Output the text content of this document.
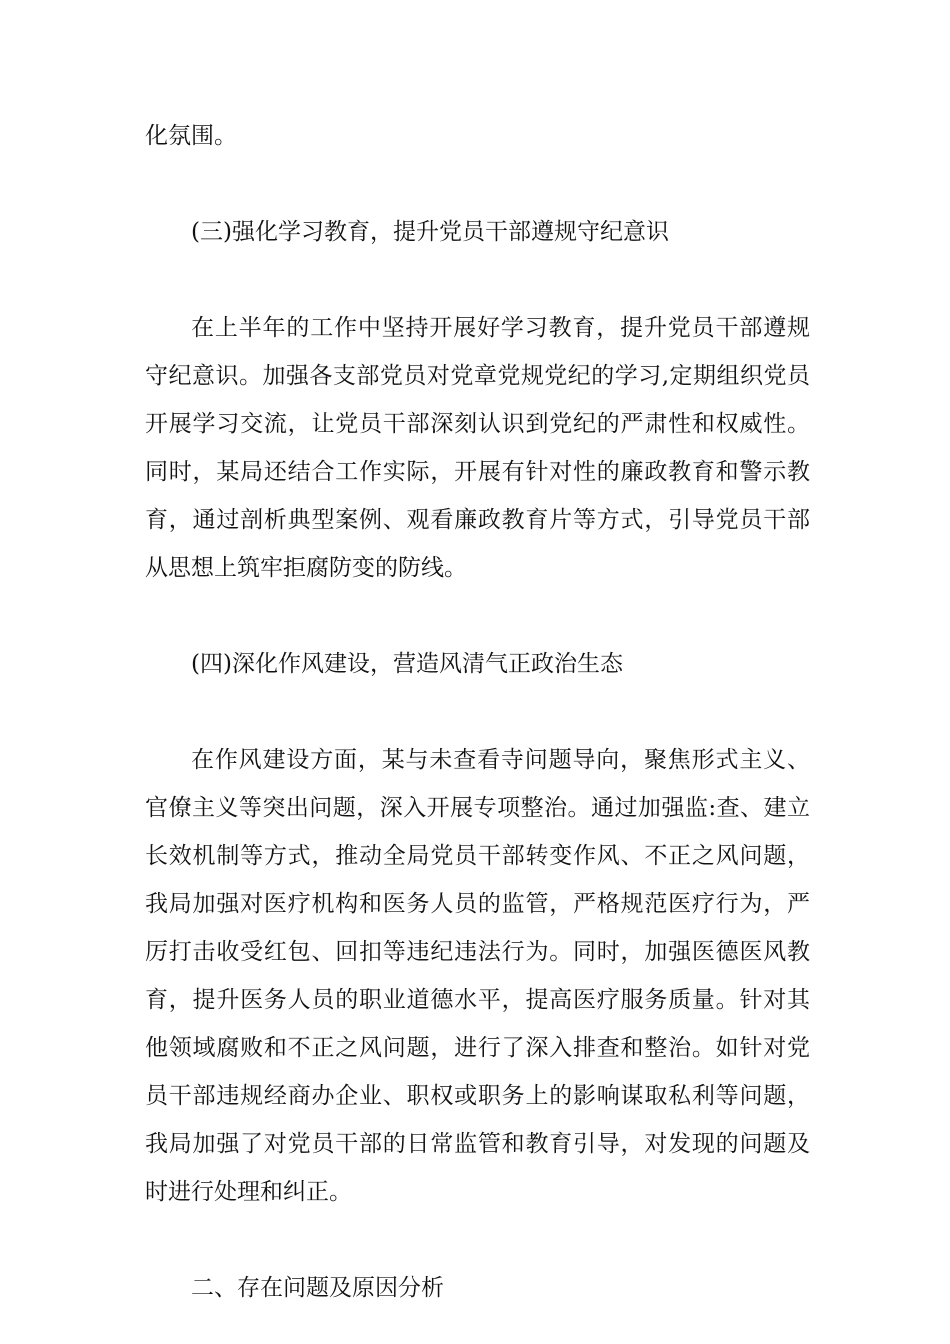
化氛围。

(三)强化学习教育，提升党员干部遵规守纪意识

在上半年的工作中坚持开展好学习教育，提升党员干部遵规守纪意识。加强各支部党员对党章党规党纪的学习,定期组织党员开展学习交流，让党员干部深刻认识到党纪的严肃性和权威性。同时，某局还结合工作实际，开展有针对性的廉政教育和警示教育，通过剖析典型案例、观看廉政教育片等方式，引导党员干部从思想上筑牢拒腐防变的防线。

(四)深化作风建设，营造风清气正政治生态

在作风建设方面，某与未查看寺问题导向，聚焦形式主义、官僚主义等突出问题，深入开展专项整治。通过加强监:查、建立长效机制等方式，推动全局党员干部转变作风、不正之风问题，我局加强对医疗机构和医务人员的监管，严格规范医疗行为，严厉打击收受红包、回扣等违纪违法行为。同时，加强医德医风教育，提升医务人员的职业道德水平，提高医疗服务质量。针对其他领域腐败和不正之风问题，进行了深入排查和整治。如针对党员干部违规经商办企业、职权或职务上的影响谋取私利等问题，我局加强了对党员干部的日常监管和教育引导，对发现的问题及时进行处理和纠正。

二、存在问题及原因分析
